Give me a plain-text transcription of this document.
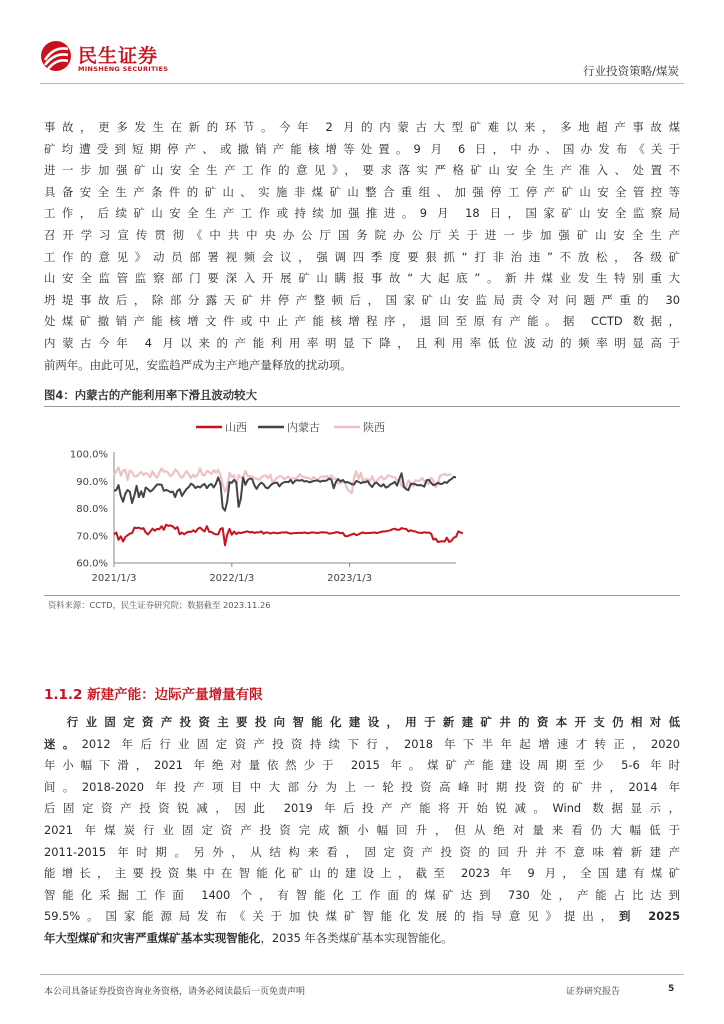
民生证券
MINSHENG SECURITIES	行业投资策略/煤炭
事故，更多发生在新的环节。今年 2 月的内蒙古大型矿难以来，多地超产事故煤
矿均遭受到短期停产、或撤销产能核增等处置。9 月 6 日，中办、国办发布《关于
进一步加强矿山安全生产工作的意见》，要求落实严格矿山安全生产准入、处置不
具备安全生产条件的矿山、实施非煤矿山整合重组、加强停工停产矿山安全管控等
工作，后续矿山安全生产工作或持续加强推进。9 月 18 日，国家矿山安全监察局
召开学习宣传贯彻《中共中央办公厅国务院办公厅关于进一步加强矿山安全生产
工作的意见》动员部署视频会议，强调四季度要狠抓“打非治违”不放松，各级矿
山安全监管监察部门要深入开展矿山瞒报事故“大起底”。新井煤业发生特别重大
坍堤事故后，除部分露天矿井停产整顿后，国家矿山安监局责令对问题严重的 30
处煤矿撤销产能核增文件或中止产能核增程序，退回至原有产能。据 CCTD 数据，
内蒙古今年 4 月以来的产能利用率明显下降，且利用率低位波动的频率明显高于
前两年。由此可见，安监趋严成为主产地产量释放的扰动项。
图4：内蒙古的产能利用率下滑且波动较大
100.0%
90.0%
80.0%
70.0%
60.0%
2021/1/3	2022/1/3	2023/1/3
山西	内蒙古	陕西
资料来源：CCTD，民生证券研究院；数据截至 2023.11.26
1.1.2 新建产能：边际产量增量有限
行业固定资产投资主要投向智能化建设，用于新建矿井的资本开支仍相对低
迷。2012 年后行业固定资产投资持续下行，2018 年下半年起增速才转正，2020
年小幅下滑，2021 年绝对量依然少于 2015 年。煤矿产能建设周期至少 5-6 年时
间。2018-2020 年投产项目中大部分为上一轮投资高峰时期投资的矿井，2014 年
后固定资产投资锐减，因此 2019 年后投产产能将开始锐减。Wind 数据显示，
2021 年煤炭行业固定资产投资完成额小幅回升，但从绝对量来看仍大幅低于
2011-2015 年时期。另外，从结构来看，固定资产投资的回升并不意味着新建产
能增长，主要投资集中在智能化矿山的建设上，截至 2023 年 9 月，全国建有煤矿
智能化采掘工作面 1400 个，有智能化工作面的煤矿达到 730 处，产能占比达到
59.5%。国家能源局发布《关于加快煤矿智能化发展的指导意见》提出，到 2025
年大型煤矿和灾害严重煤矿基本实现智能化，2035 年各类煤矿基本实现智能化。
本公司具备证券投资咨询业务资格，请务必阅读最后一页免责声明	证券研究报告	5
